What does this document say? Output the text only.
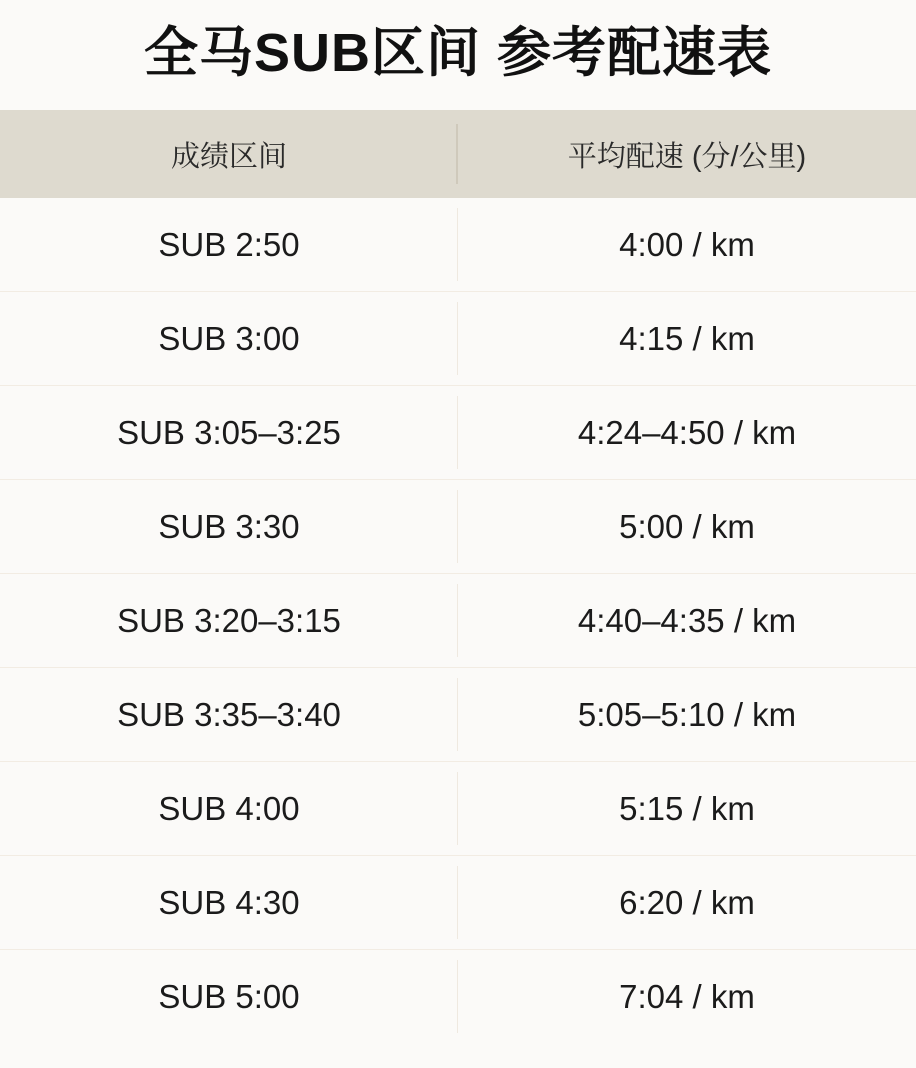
全马SUB区间 参考配速表
成绩区间	平均配速 (分/公里)
SUB 2:50	4:00 / km
SUB 3:00	4:15 / km
SUB 3:05–3:25	4:24–4:50 / km
SUB 3:30	5:00 / km
SUB 3:20–3:15	4:40–4:35 / km
SUB 3:35–3:40	5:05–5:10 / km
SUB 4:00	5:15 / km
SUB 4:30	6:20 / km
SUB 5:00	7:04 / km
